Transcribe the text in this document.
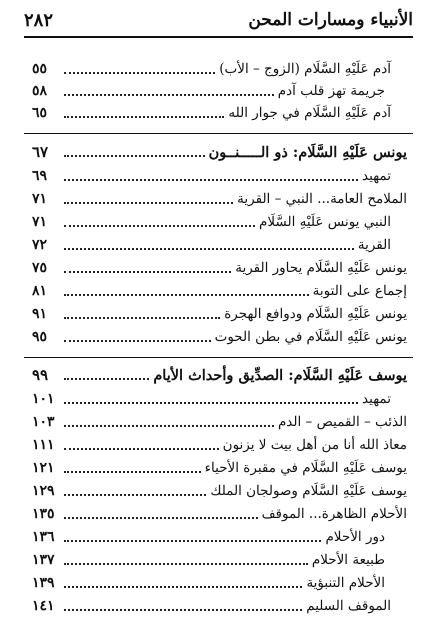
الأنبياء ومسارات المحن
٢٨٢
آدم عَلَيْهِ السَّلَام (الزوج – الأب)
٥٥
جريمة تهز قلب آدم
٥٨
آدم عَلَيْهِ السَّلَام في جوار الله
٦٥
يونس عَلَيْهِ السَّلَام: ذو الـــــنــون
٦٧
تمهيد
٦٩
الملامح العامة... النبي – القرية
٧١
النبي يونس عَلَيْهِ السَّلَام
٧١
القرية
٧٢
يونس عَلَيْهِ السَّلَام يحاور القرية
٧٥
إجماع على التوبة
٨١
يونس عَلَيْهِ السَّلَام ودوافع الهجرة
٩١
يونس عَلَيْهِ السَّلَام في بطن الحوت
٩٥
يوسف عَلَيْهِ السَّلَام: الصدِّيق وأحداث الأيام
٩٩
تمهيد
١٠١
الذئب – القميص – الدم
١٠٣
معاذ الله أنا من أهل بيت لا يزنون
١١١
يوسف عَلَيْهِ السَّلَام في مقبرة الأحياء
١٢١
يوسف عَلَيْهِ السَّلَام وصولجان الملك
١٢٩
الأحلام الظاهرة... الموقف
١٣٥
دور الأحلام
١٣٦
طبيعة الأحلام
١٣٧
الأحلام التنبؤية
١٣٩
الموقف السليم
١٤١
